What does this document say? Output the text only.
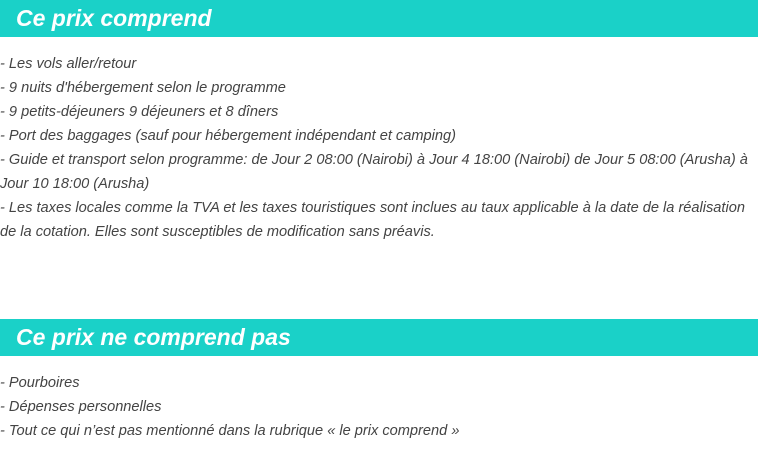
Ce prix comprend
- Les vols aller/retour
- 9 nuits d'hébergement selon le programme
- 9 petits-déjeuners 9 déjeuners et 8 dîners
- Port des baggages (sauf pour hébergement indépendant et camping)
- Guide et transport selon programme: de Jour 2 08:00 (Nairobi) à Jour 4 18:00 (Nairobi) de Jour 5 08:00 (Arusha) à Jour 10 18:00 (Arusha)
- Les taxes locales comme la TVA et les taxes touristiques sont inclues au taux applicable à la date de la réalisation de la cotation. Elles sont susceptibles de modification sans préavis.
Ce prix ne comprend pas
- Pourboires
- Dépenses personnelles
- Tout ce qui n’est pas mentionné dans la rubrique « le prix comprend »
